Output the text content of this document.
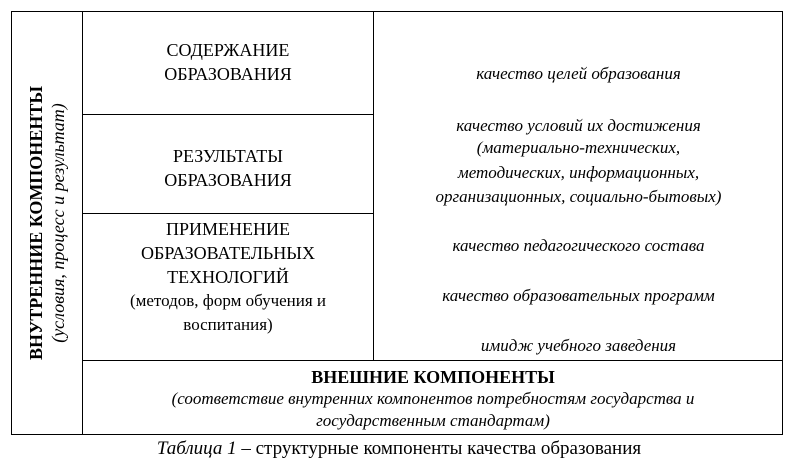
ВНУТРЕННИЕ КОМПОНЕНТЫ (условия, процесс и результат)
СОДЕРЖАНИЕ
ОБРАЗОВАНИЯ
РЕЗУЛЬТАТЫ
ОБРАЗОВАНИЯ
ПРИМЕНЕНИЕ
ОБРАЗОВАТЕЛЬНЫХ
ТЕХНОЛОГИЙ
(методов, форм обучения и
воспитания)
качество целей образования
качество условий их достижения
(материально-технических,
методических, информационных,
организационных, социально-бытовых)
качество педагогического состава
качество образовательных программ
имидж учебного заведения
ВНЕШНИЕ КОМПОНЕНТЫ
(соответствие внутренних компонентов потребностям государства и
государственным стандартам)
Таблица 1 – структурные компоненты качества образования
